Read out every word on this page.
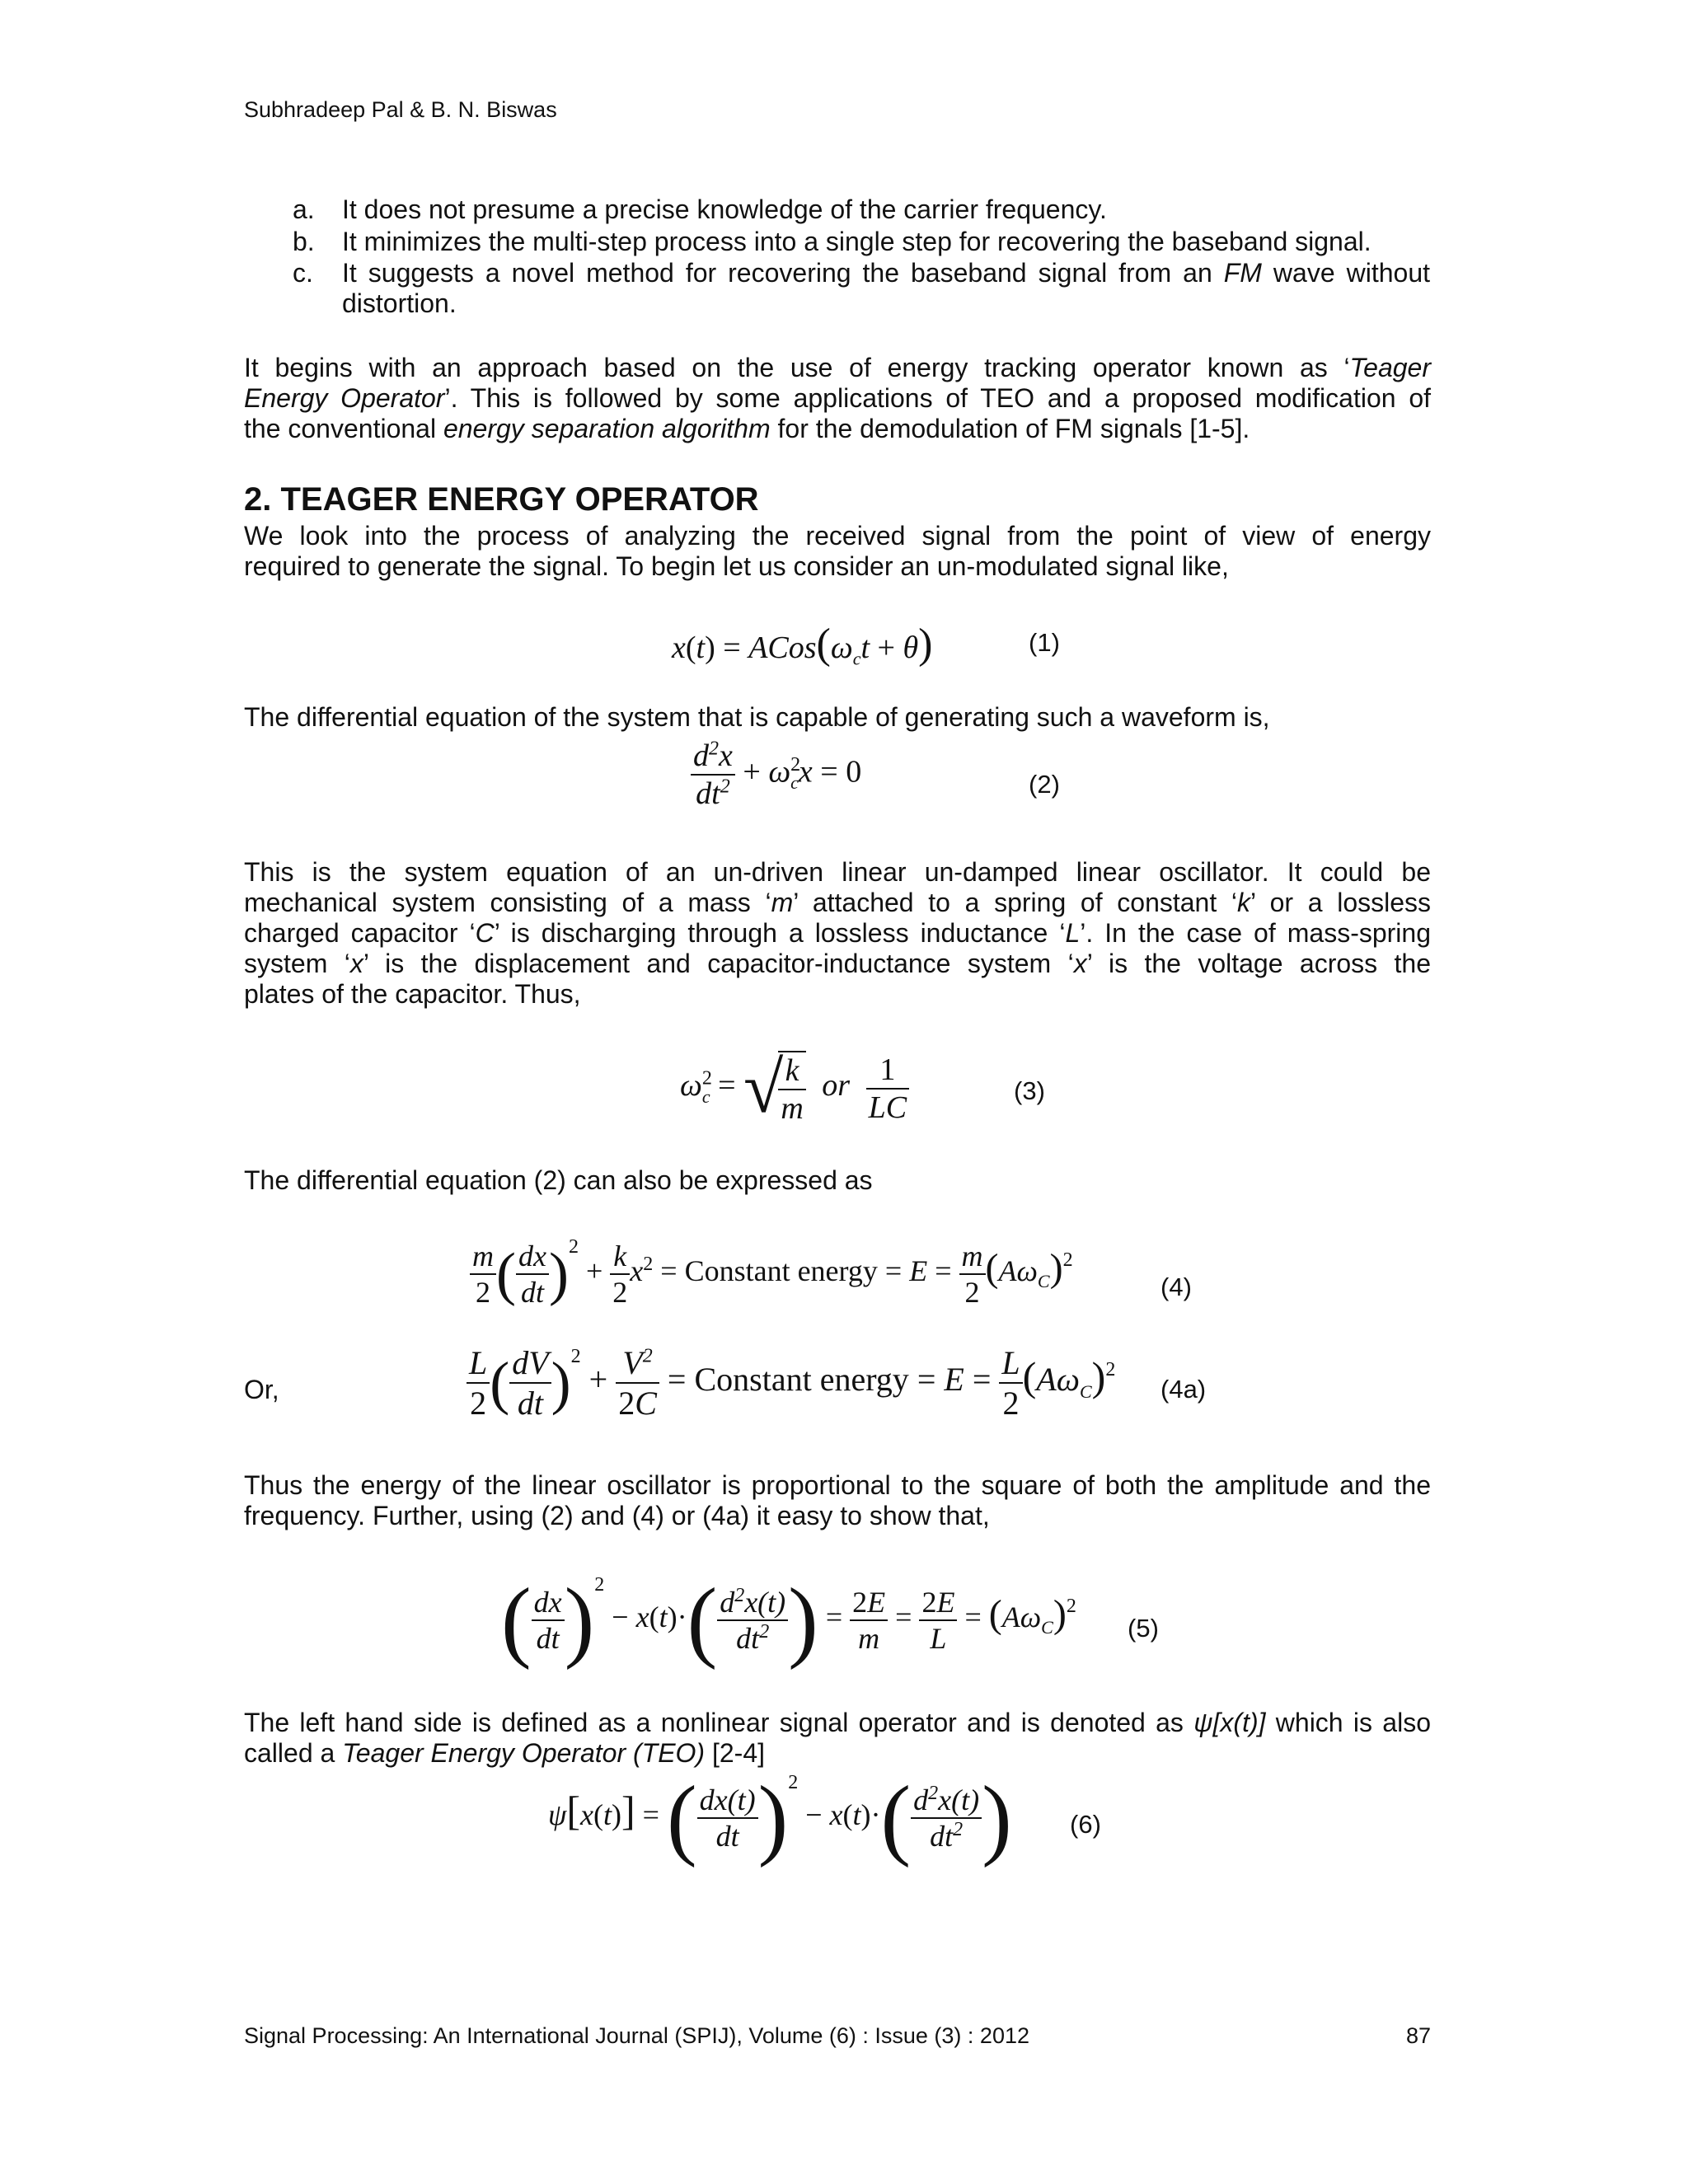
Subhradeep Pal & B. N. Biswas
a.	It does not presume a precise knowledge of the carrier frequency.
b.	It minimizes the multi-step process into a single step for recovering the baseband signal.
c.	It suggests a novel method for recovering the baseband signal from an FM wave without
distortion.
It begins with an approach based on the use of energy tracking operator known as ‘Teager
Energy Operator’. This is followed by some applications of TEO and a proposed modification of
the conventional energy separation algorithm for the demodulation of FM signals [1-5].
2. TEAGER ENERGY OPERATOR
We look into the process of analyzing the received signal from the point of view of energy
required to generate the signal. To begin let us consider an un-modulated signal like,
$x(t) = ACos(\omega_ct + \theta)$	(1)
The differential equation of the system that is capable of generating such a waveform is,
$\frac{d^2x}{dt^2} + \omega^2_cx = 0$	(2)
This is the system equation of an un-driven linear un-damped linear oscillator. It could be
mechanical system consisting of a mass ‘m’ attached to a spring of constant ‘k’ or a lossless
charged capacitor ‘C’ is discharging through a lossless inductance ‘L’. In the case of mass-spring
system ‘x’ is the displacement and capacitor-inductance system ‘x’ is the voltage across the
plates of the capacitor. Thus,
$\omega^2_c$ = √
$\frac{k}{m}$ or $\frac{1}{LC}$	(3)
The differential equation (2) can also be expressed as
$\frac{m}{2}$ ( $\frac{dx}{dt} )^2 + \frac{k}{2} x^2$ = Constant energy = $E = \frac{m}{2} (A\omega_C)^2$
(4)
Or,	$\frac{L}{2}$ ( $\frac{dV}{dt} )^2 + \frac{V^2}{2C}$ = Constant energy = $E = \frac{L}{2} (A\omega_C)^2$
(4a)
Thus the energy of the linear oscillator is proportional to the square of both the amplitude and the
frequency. Further, using (2) and (4) or (4a) it easy to show that,
( $\frac{dx}{dt} )^2 - x(t)\cdot( \frac{d^2x(t)}{dt^2}$ ) = $\frac{2E}{m} = \frac{2E}{L} = (A\omega_C)^2$
(5)
The left hand side is defined as a nonlinear signal operator and is denoted as ψ[x(t)] which is also
called a Teager Energy Operator (TEO) [2-4]
ψ[x(t)] = ( $\frac{dx(t)}{dt} )^2 - x(t)\cdot( \frac{d^2x(t)}{dt^2}$ ) (6)
Signal Processing: An International Journal (SPIJ), Volume (6) : Issue (3) : 2012	87
